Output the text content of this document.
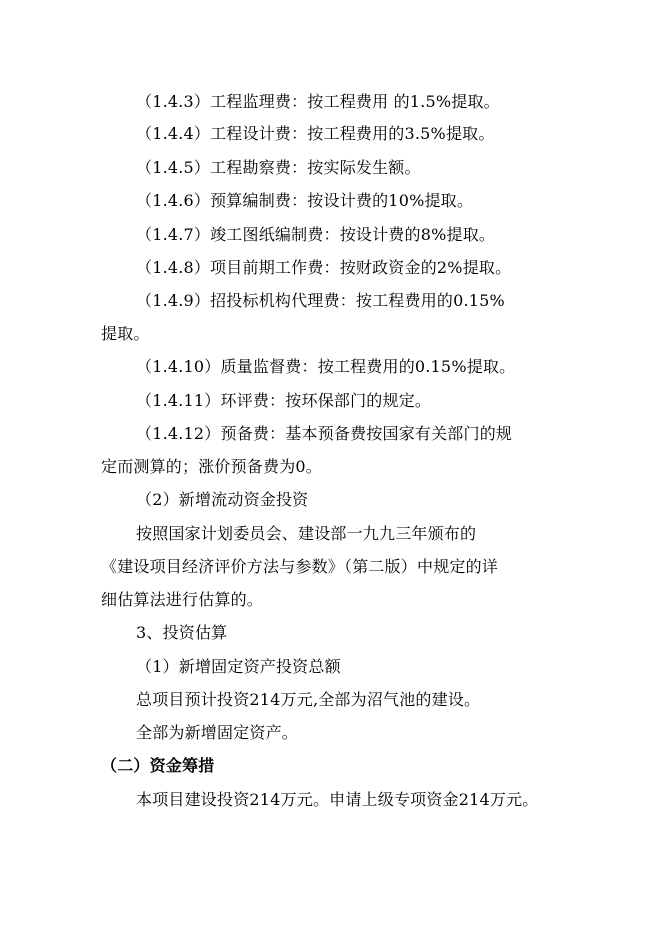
（1.4.3）工程监理费：按工程费用 的1.5%提取。
（1.4.4）工程设计费：按工程费用的3.5%提取。
（1.4.5）工程勘察费：按实际发生额。
（1.4.6）预算编制费：按设计费的10%提取。
（1.4.7）竣工图纸编制费：按设计费的8%提取。
（1.4.8）项目前期工作费：按财政资金的2%提取。
（1.4.9）招投标机构代理费：按工程费用的0.15%
提取。
（1.4.10）质量监督费：按工程费用的0.15%提取。
（1.4.11）环评费：按环保部门的规定。
（1.4.12）预备费：基本预备费按国家有关部门的规
定而测算的；涨价预备费为0。
（2）新增流动资金投资
按照国家计划委员会、建设部一九九三年颁布的
《建设项目经济评价方法与参数》（第二版）中规定的详
细估算法进行估算的。
3、投资估算
（1）新增固定资产投资总额
总项目预计投资214万元,全部为沼气池的建设。
全部为新增固定资产。
（二）资金筹措
本项目建设投资214万元。申请上级专项资金214万元。
